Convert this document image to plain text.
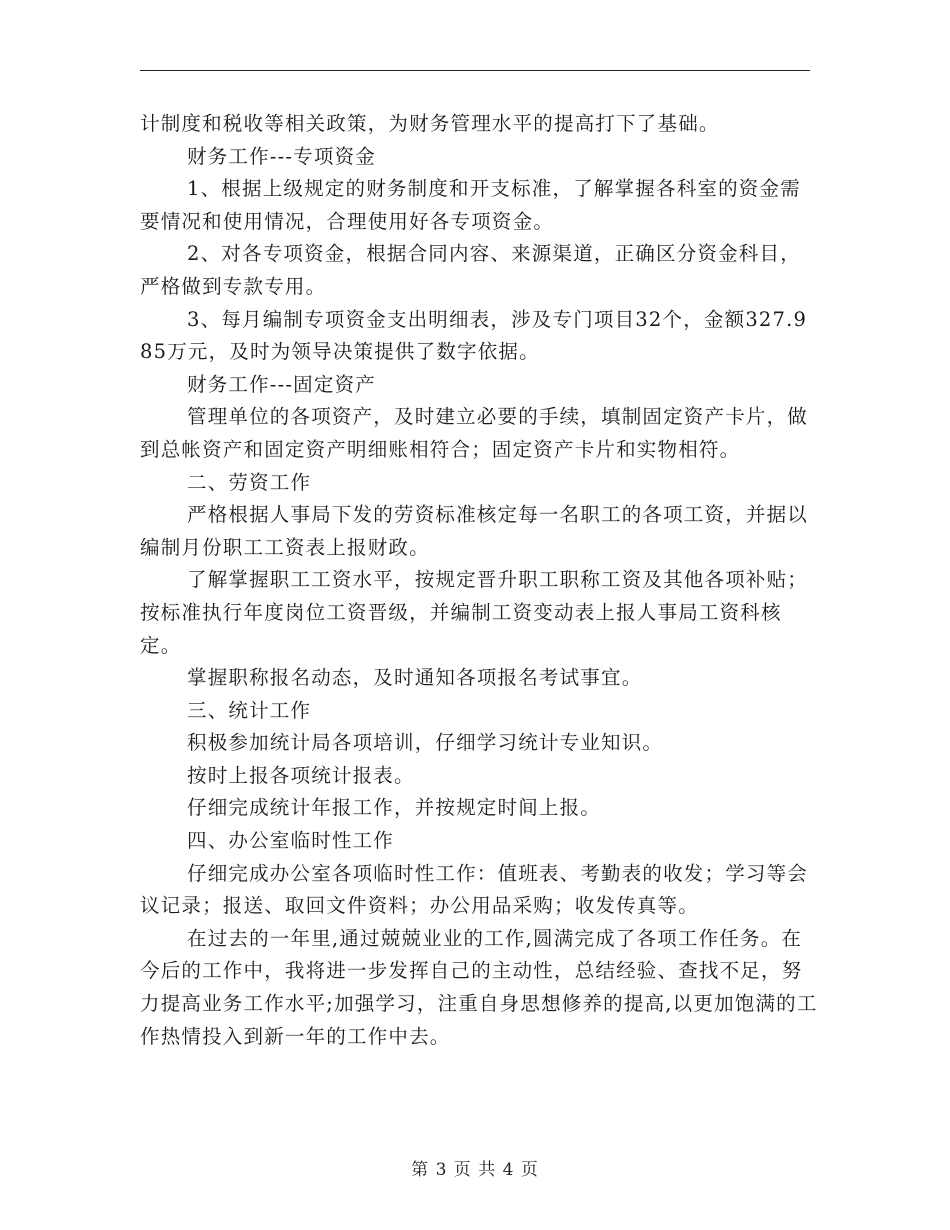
计制度和税收等相关政策，为财务管理水平的提高打下了基础。

财务工作---专项资金

1、根据上级规定的财务制度和开支标准，了解掌握各科室的资金需要情况和使用情况，合理使用好各专项资金。

2、对各专项资金，根据合同内容、来源渠道，正确区分资金科目，严格做到专款专用。

3、每月编制专项资金支出明细表，涉及专门项目32个，金额327.985万元，及时为领导决策提供了数字依据。

财务工作---固定资产

管理单位的各项资产，及时建立必要的手续，填制固定资产卡片，做到总帐资产和固定资产明细账相符合；固定资产卡片和实物相符。

二、劳资工作

严格根据人事局下发的劳资标准核定每一名职工的各项工资，并据以编制月份职工工资表上报财政。

了解掌握职工工资水平，按规定晋升职工职称工资及其他各项补贴；按标准执行年度岗位工资晋级，并编制工资变动表上报人事局工资科核定。

掌握职称报名动态，及时通知各项报名考试事宜。

三、统计工作

积极参加统计局各项培训，仔细学习统计专业知识。

按时上报各项统计报表。

仔细完成统计年报工作，并按规定时间上报。

四、办公室临时性工作

仔细完成办公室各项临时性工作：值班表、考勤表的收发；学习等会议记录；报送、取回文件资料；办公用品采购；收发传真等。

在过去的一年里,通过兢兢业业的工作,圆满完成了各项工作任务。在今后的工作中，我将进一步发挥自己的主动性，总结经验、查找不足，努力提高业务工作水平;加强学习，注重自身思想修养的提高,以更加饱满的工作热情投入到新一年的工作中去。

第 3 页 共 4 页
